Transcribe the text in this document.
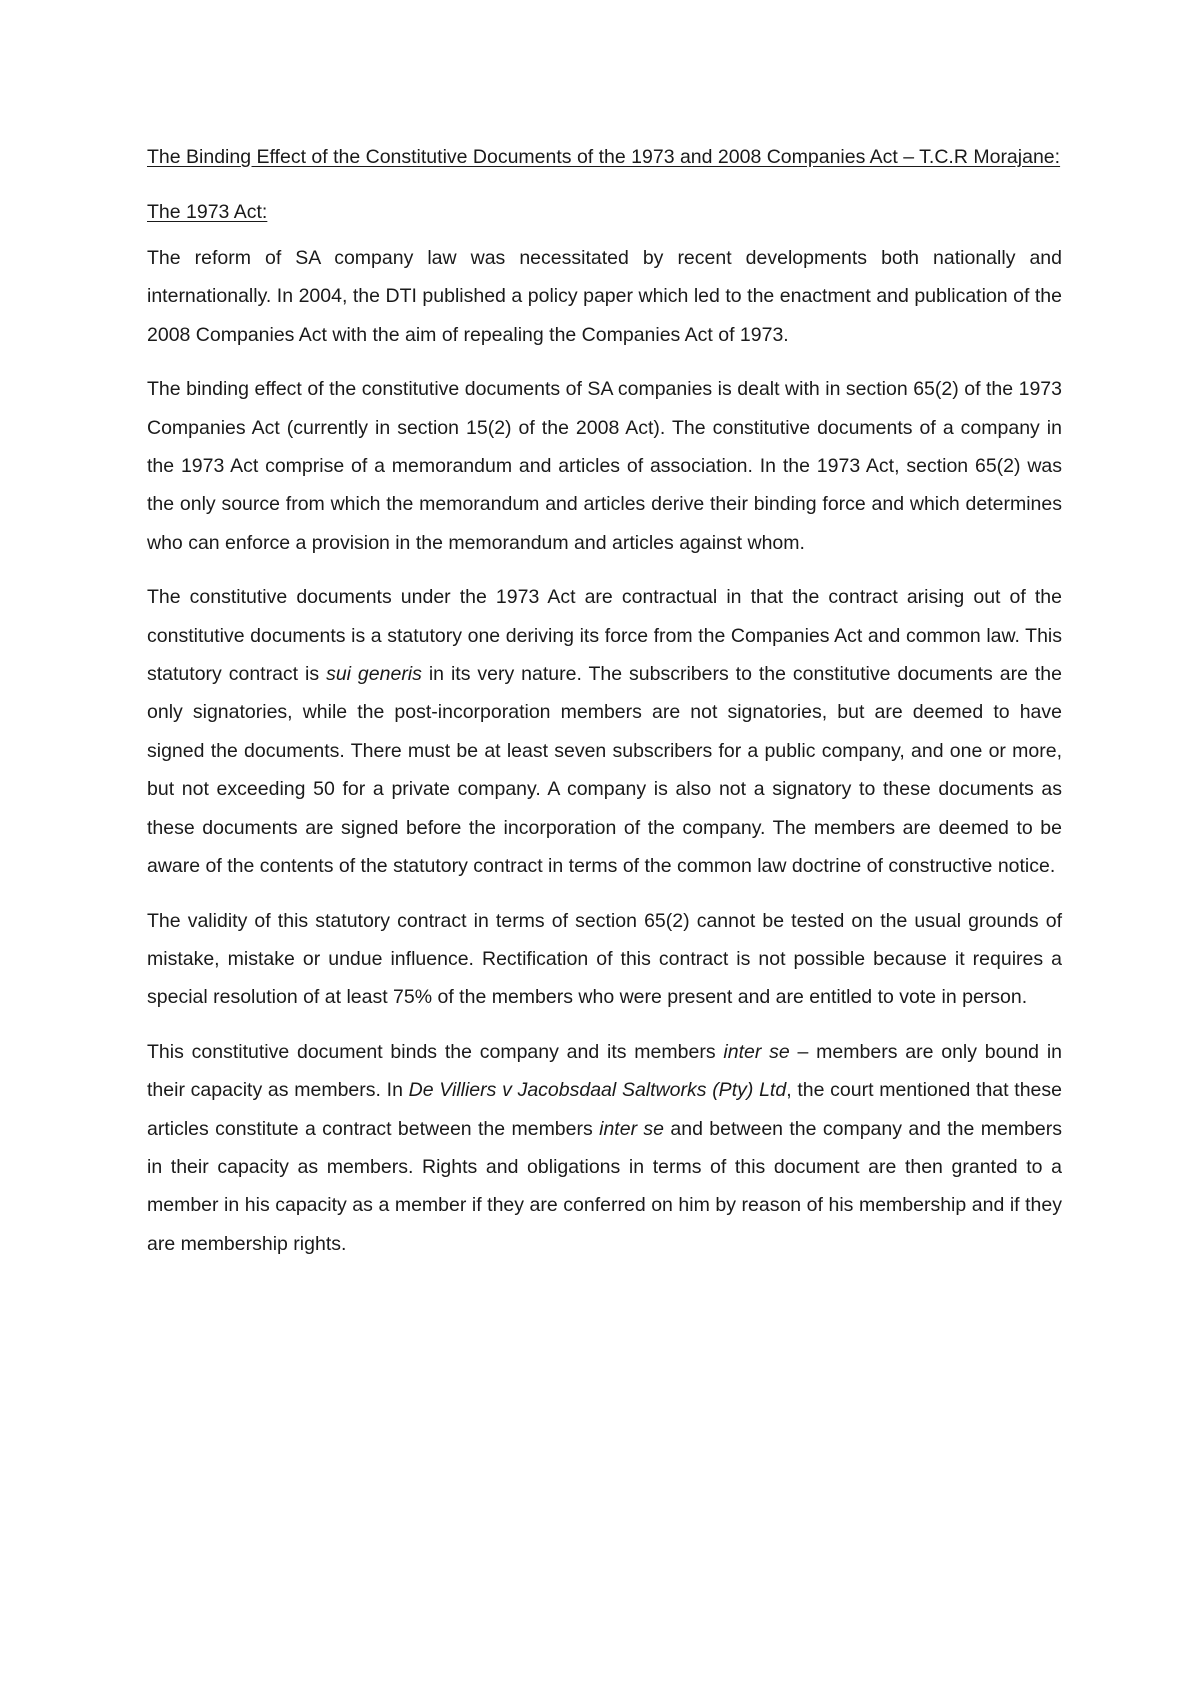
The Binding Effect of the Constitutive Documents of the 1973 and 2008 Companies Act – T.C.R Morajane:

The 1973 Act:

The reform of SA company law was necessitated by recent developments both nationally and internationally. In 2004, the DTI published a policy paper which led to the enactment and publication of the 2008 Companies Act with the aim of repealing the Companies Act of 1973.

The binding effect of the constitutive documents of SA companies is dealt with in section 65(2) of the 1973 Companies Act (currently in section 15(2) of the 2008 Act). The constitutive documents of a company in the 1973 Act comprise of a memorandum and articles of association. In the 1973 Act, section 65(2) was the only source from which the memorandum and articles derive their binding force and which determines who can enforce a provision in the memorandum and articles against whom.

The constitutive documents under the 1973 Act are contractual in that the contract arising out of the constitutive documents is a statutory one deriving its force from the Companies Act and common law. This statutory contract is sui generis in its very nature. The subscribers to the constitutive documents are the only signatories, while the post-incorporation members are not signatories, but are deemed to have signed the documents. There must be at least seven subscribers for a public company, and one or more, but not exceeding 50 for a private company. A company is also not a signatory to these documents as these documents are signed before the incorporation of the company. The members are deemed to be aware of the contents of the statutory contract in terms of the common law doctrine of constructive notice.

The validity of this statutory contract in terms of section 65(2) cannot be tested on the usual grounds of mistake, mistake or undue influence. Rectification of this contract is not possible because it requires a special resolution of at least 75% of the members who were present and are entitled to vote in person.

This constitutive document binds the company and its members inter se – members are only bound in their capacity as members. In De Villiers v Jacobsdaal Saltworks (Pty) Ltd, the court mentioned that these articles constitute a contract between the members inter se and between the company and the members in their capacity as members. Rights and obligations in terms of this document are then granted to a member in his capacity as a member if they are conferred on him by reason of his membership and if they are membership rights.
